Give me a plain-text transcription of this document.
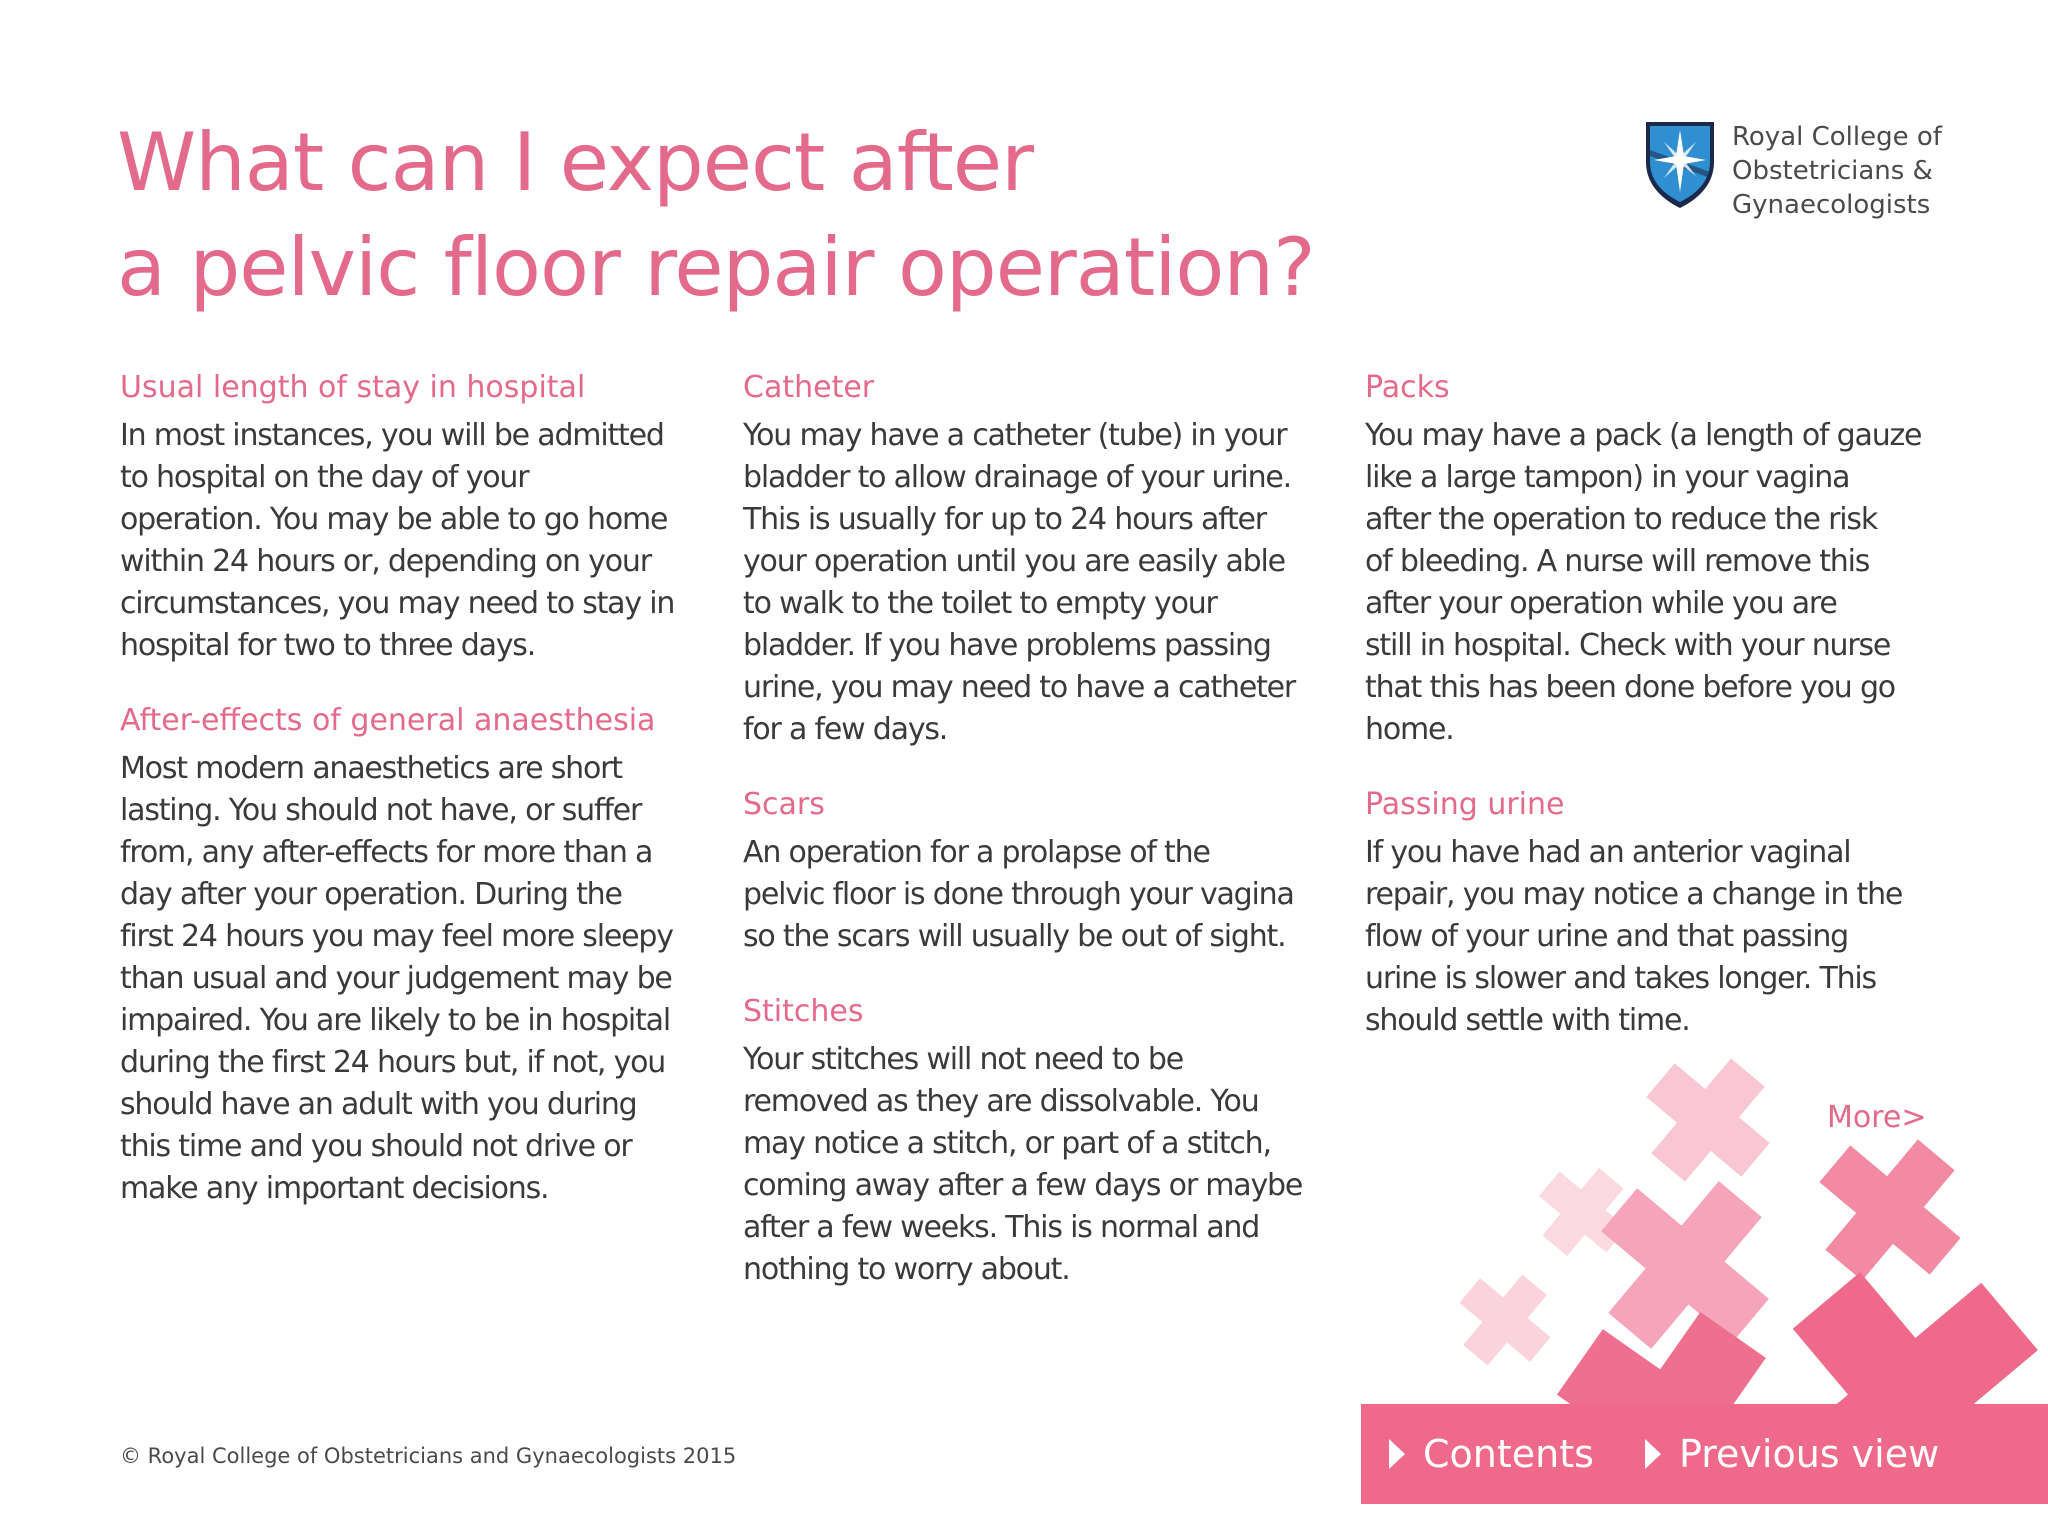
What can I expect after
a pelvic floor repair operation?
Royal College of
Obstetricians &
Gynaecologists
Usual length of stay in hospital

In most instances, you will be admitted
to hospital on the day of your
operation. You may be able to go home
within 24 hours or, depending on your
circumstances, you may need to stay in
hospital for two to three days.

After-effects of general anaesthesia

Most modern anaesthetics are short
lasting. You should not have, or suffer
from, any after-effects for more than a
day after your operation. During the
first 24 hours you may feel more sleepy
than usual and your judgement may be
impaired. You are likely to be in hospital
during the first 24 hours but, if not, you
should have an adult with you during
this time and you should not drive or
make any important decisions.

Catheter

You may have a catheter (tube) in your
bladder to allow drainage of your urine.
This is usually for up to 24 hours after
your operation until you are easily able
to walk to the toilet to empty your
bladder. If you have problems passing
urine, you may need to have a catheter
for a few days.

Scars

An operation for a prolapse of the
pelvic floor is done through your vagina
so the scars will usually be out of sight.

Stitches

Your stitches will not need to be
removed as they are dissolvable. You
may notice a stitch, or part of a stitch,
coming away after a few days or maybe
after a few weeks. This is normal and
nothing to worry about.

Packs

You may have a pack (a length of gauze
like a large tampon) in your vagina
after the operation to reduce the risk
of bleeding. A nurse will remove this
after your operation while you are
still in hospital. Check with your nurse
that this has been done before you go
home.

Passing urine

If you have had an anterior vaginal
repair, you may notice a change in the
flow of your urine and that passing
urine is slower and takes longer. This
should settle with time.

More>
© Royal College of Obstetricians and Gynaecologists 2015	Contents Previous view
